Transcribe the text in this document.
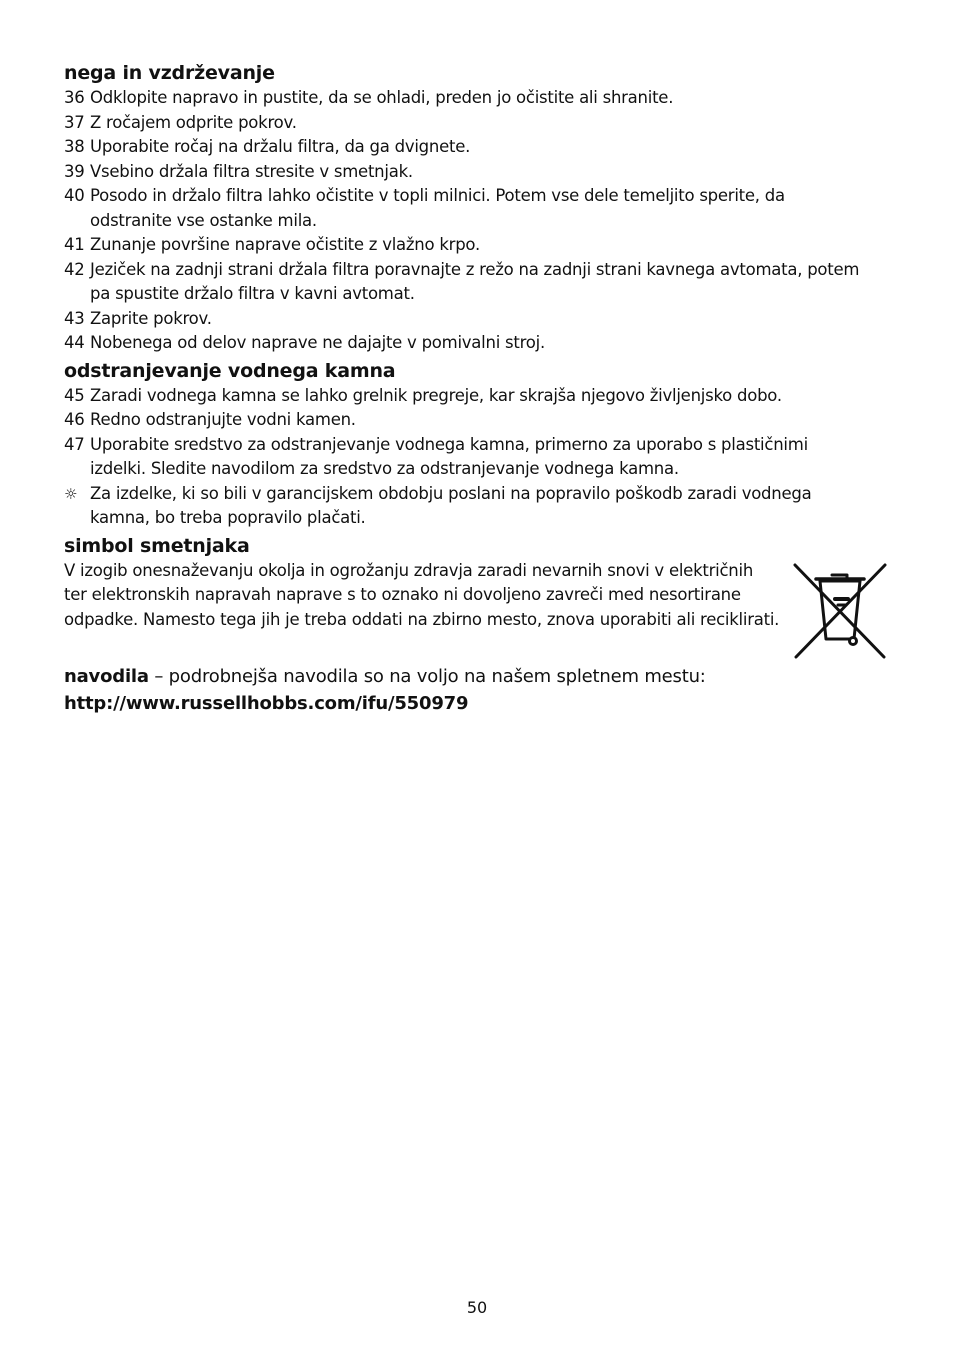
nega in vzdrževanje
36 Odklopite napravo in pustite, da se ohladi, preden jo očistite ali shranite.
37 Z ročajem odprite pokrov.
38 Uporabite ročaj na držalu filtra, da ga dvignete.
39 Vsebino držala filtra stresite v smetnjak.
40 Posodo in držalo filtra lahko očistite v topli milnici. Potem vse dele temeljito sperite, da odstranite vse ostanke mila.
41 Zunanje površine naprave očistite z vlažno krpo.
42 Jeziček na zadnji strani držala filtra poravnajte z režo na zadnji strani kavnega avtomata, potem pa spustite držalo filtra v kavni avtomat.
43 Zaprite pokrov.
44 Nobenega od delov naprave ne dajajte v pomivalni stroj.
odstranjevanje vodnega kamna
45 Zaradi vodnega kamna se lahko grelnik pregreje, kar skrajša njegovo življenjsko dobo.
46 Redno odstranjujte vodni kamen.
47 Uporabite sredstvo za odstranjevanje vodnega kamna, primerno za uporabo s plastičnimi izdelki. Sledite navodilom za sredstvo za odstranjevanje vodnega kamna.
☼ Za izdelke, ki so bili v garancijskem obdobju poslani na popravilo poškodb zaradi vodnega kamna, bo treba popravilo plačati.
simbol smetnjaka
V izogib onesnaževanju okolja in ogrožanju zdravja zaradi nevarnih snovi v električnih ter elektronskih napravah naprave s to oznako ni dovoljeno zavreči med nesortirane odpadke. Namesto tega jih je treba oddati na zbirno mesto, znova uporabiti ali reciklirati.

navodila – podrobnejša navodila so na voljo na našem spletnem mestu:

http://www.russellhobbs.com/ifu/550979
50
